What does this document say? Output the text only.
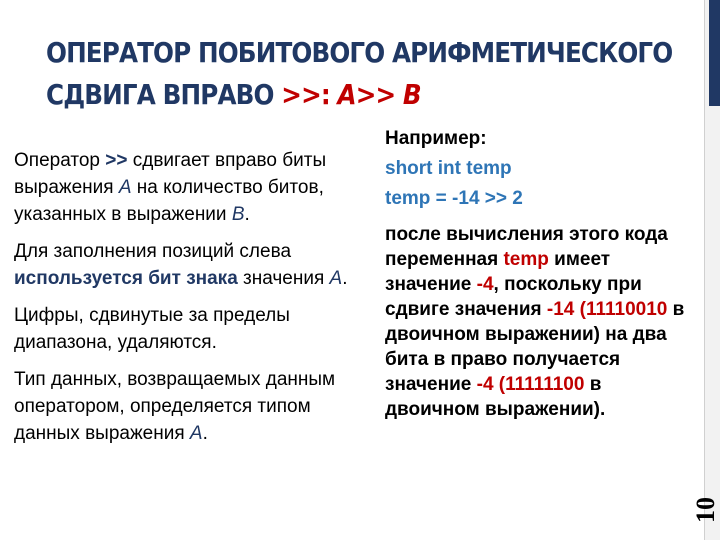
ОПЕРАТОР ПОБИТОВОГО АРИФМЕТИЧЕСКОГО
СДВИГА ВПРАВО >>: A>> B

Оператор >> сдвигает вправо биты выражения A на количество битов, указанных в выражении B.

Для заполнения позиций слева используется бит знака значения A.

Цифры, сдвинутые за пределы диапазона, удаляются.

Тип данных, возвращаемых данным оператором, определяется типом данных выражения A.

Например:
short int temp
temp = -14 >> 2
после вычисления этого кода переменная temp имеет значение -4, поскольку при сдвиге значения -14 (11110010 в двоичном выражении) на два бита в право получается значение -4 (11111100 в двоичном выражении).
10
